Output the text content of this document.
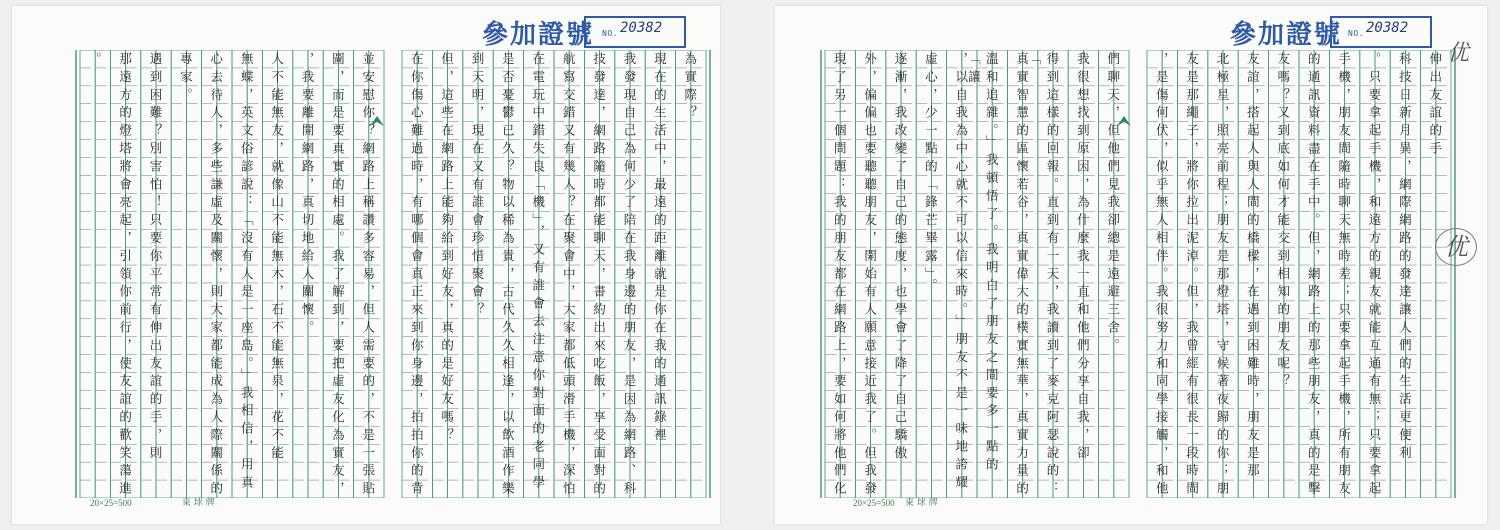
參加證號 NO. 20382
為實際？
現在的生活中，最遠的距離就是你在我的通訊錄裡
我發現自己為何少了陪在我身邊的朋友，是因為網路、科
技發達，網路隨時都能聊天，書約出來吃飯，享受面對的
航寫交錯又有幾人？在聚會中，大家都低頭滑手機，深怕
在電玩中錯失良「機」，又有誰會去注意你對面的老同學
是否憂鬱已久？物以稀為貴，古代久久相逢，以飲酒作樂
到天明，現在又有誰會珍惜聚會？
但，這些在網路上能夠給到好友，真的是好友嗎？
在你傷心難過時，有哪個會真正來到你身邊，拍拍你的背
並安慰你？網路上稱讚多容易，但人需要的，不是一張貼
圖，而是要真實的相處。我了解到，要把虛友化為實友，
，我要離開網路，真切地給人關懷。
人不能無友，就像山不能無木，石不能無泉，花不能
無蝶，英文俗諺說：「沒有人是一座島。」我相信，用真
心去待人，多些謙虛及關懷，則大家都能成為人際關係的
專家。
遇到困難？別害怕！只要你平常有伸出友誼的手，則
那遠方的燈塔將會亮起，引領你前行，使友誼的歡笑蕩進
。
20×25=500	東 球 牌
參加證號 NO. 20382
伸出友誼的手
科技日新月異，網際網路的發達讓人們的生活更便利
。只要拿起手機，和遠方的親友就能互通有無；只要拿起
手機，朋友間隨時聊天無時差；只要拿起手機，所有朋友
的通訊資料盡在手中。但，網路上的那些朋友，真的是擊
友嗎？又到底如何才能交到相知的朋友呢？
友誼，搭起人與人間的橋樑，在遇到困難時，朋友是那
北極星，照亮前程；朋友是那燈塔，守候著夜歸的你；朋
友是那繩子，將你拉出泥淖。但，我曾經有很長一段時間
，是傷何伏，似乎無人相伴。我很努力和同學接觸，和他
們聊天，但他們見我卻總是遠避三舍。
我很想找到原因，為什麼我一直和他們分享自我，卻
得到這樣的回報。直到有一天，我讀到了麥克阿瑟說的：「
真實智慧的區懷若谷，真實偉大的樸實無華，真實力量的
溫和追雜。」我頓悟了。我明白了朋友之間要多一點的「讓
，以自我為中心就不可以信來時。」朋友不是一味地誇耀
虛心，少一點的「鋒芒畢露」。
逐漸，我改變了自己的態度，也學會了降了自己驕傲
外，偏偏也要聽聽朋友，開始有人願意接近我了。但我發
現了另一個問題：我的朋友都在網路上，要如何將他們化
20×25=500 東 球 牌
优
优
